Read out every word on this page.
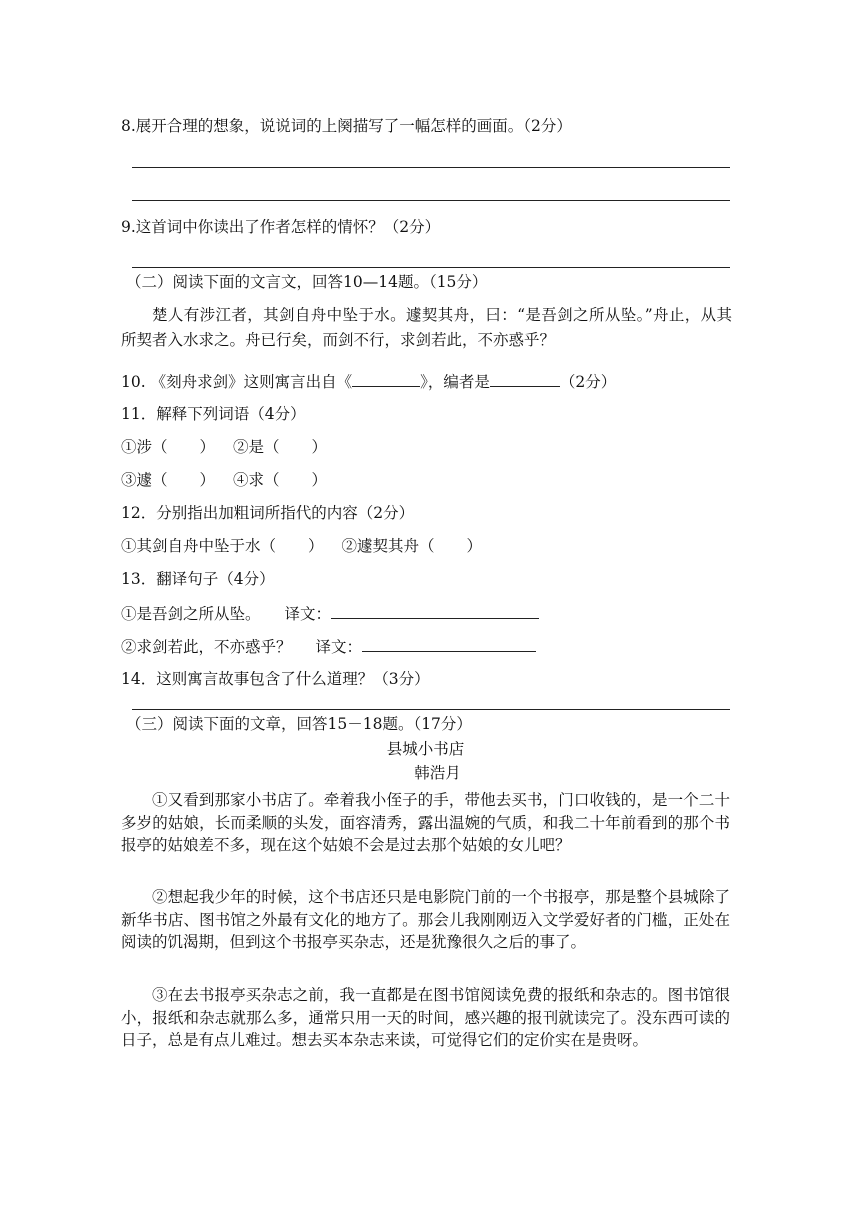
8.展开合理的想象，说说词的上阕描写了一幅怎样的画面。（2分）
9.这首词中你读出了作者怎样的情怀？（2分）
（二）阅读下面的文言文，回答10—14题。（15分）
楚人有涉江者，其剑自舟中坠于水。遽契其舟，曰：“是吾剑之所从坠。”舟止，从其所契者入水求之。舟已行矣，而剑不行，求剑若此，不亦惑乎？
10. 《刻舟求剑》这则寓言出自《	》，编者是	（2分）
11．解释下列词语（4分）
①涉（ ） ②是（ ）
③遽（ ） ④求（ ）
12．分别指出加粗词所指代的内容（2分）
①其剑自舟中坠于水（ ） ②遽契其舟（ ）
13．翻译句子（4分）
①是吾剑之所从坠。 译文：
②求剑若此，不亦惑乎？ 译文：
14．这则寓言故事包含了什么道理？（3分）
（三）阅读下面的文章，回答15－18题。（17分）
县城小书店
韩浩月
①又看到那家小书店了。牵着我小侄子的手，带他去买书，门口收钱的，是一个二十多岁的姑娘，长而柔顺的头发，面容清秀，露出温婉的气质，和我二十年前看到的那个书报亭的姑娘差不多，现在这个姑娘不会是过去那个姑娘的女儿吧？
②想起我少年的时候，这个书店还只是电影院门前的一个书报亭，那是整个县城除了新华书店、图书馆之外最有文化的地方了。那会儿我刚刚迈入文学爱好者的门槛，正处在阅读的饥渴期，但到这个书报亭买杂志，还是犹豫很久之后的事了。
③在去书报亭买杂志之前，我一直都是在图书馆阅读免费的报纸和杂志的。图书馆很小，报纸和杂志就那么多，通常只用一天的时间，感兴趣的报刊就读完了。没东西可读的日子，总是有点儿难过。想去买本杂志来读，可觉得它们的定价实在是贵呀。
